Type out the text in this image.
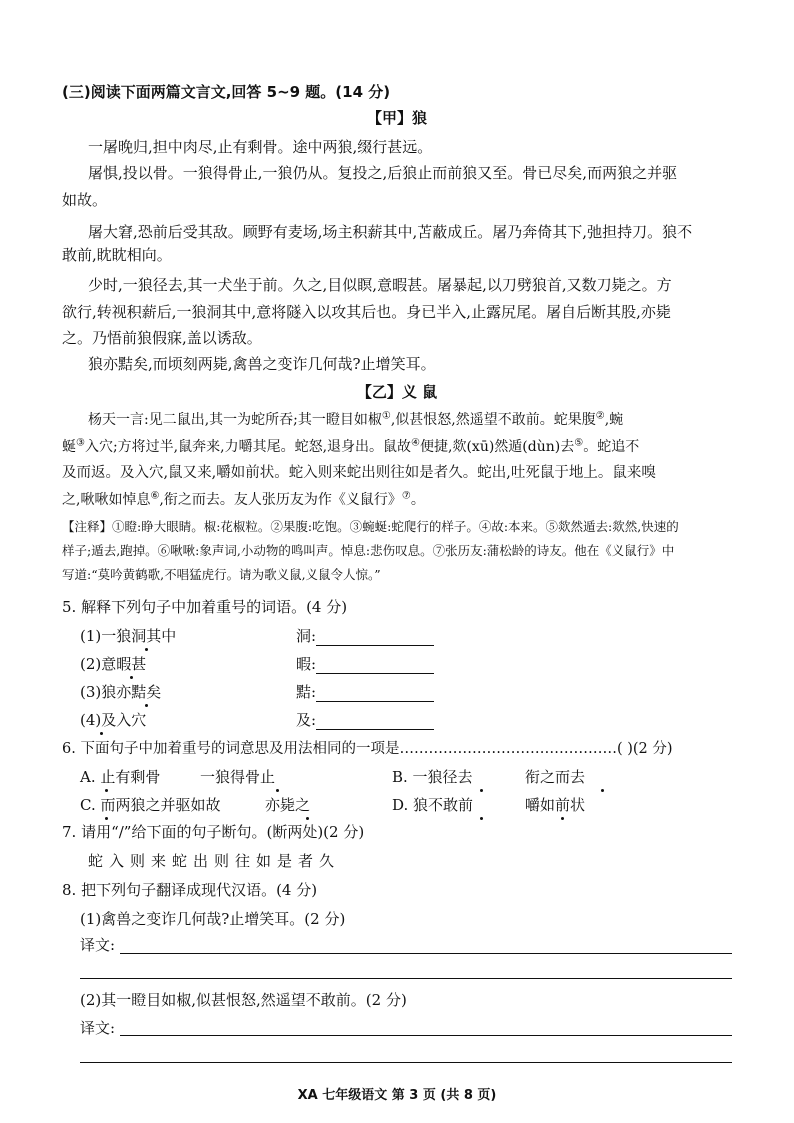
(三)阅读下面两篇文言文,回答 5~9 题。(14 分)
【甲】狼
一屠晚归,担中肉尽,止有剩骨。途中两狼,缀行甚远。
屠惧,投以骨。一狼得骨止,一狼仍从。复投之,后狼止而前狼又至。骨已尽矣,而两狼之并驱
如故。
屠大窘,恐前后受其敌。顾野有麦场,场主积薪其中,苫蔽成丘。屠乃奔倚其下,弛担持刀。狼不
敢前,眈眈相向。
少时,一狼径去,其一犬坐于前。久之,目似瞑,意暇甚。屠暴起,以刀劈狼首,又数刀毙之。方
欲行,转视积薪后,一狼洞其中,意将隧入以攻其后也。身已半入,止露尻尾。屠自后断其股,亦毙
之。乃悟前狼假寐,盖以诱敌。
狼亦黠矣,而顷刻两毙,禽兽之变诈几何哉?止增笑耳。
【乙】义 鼠
杨天一言:见二鼠出,其一为蛇所吞;其一瞪目如椒①,似甚恨怒,然遥望不敢前。蛇果腹②,蜿
蜒③入穴;方将过半,鼠奔来,力嚼其尾。蛇怒,退身出。鼠故④便捷,欻(xū)然遁(dùn)去⑤。蛇追不
及而返。及入穴,鼠又来,嚼如前状。蛇入则来蛇出则往如是者久。蛇出,吐死鼠于地上。鼠来嗅
之,啾啾如悼息⑥,衔之而去。友人张历友为作《义鼠行》⑦。
【注释】①瞪:睁大眼睛。椒:花椒粒。②果腹:吃饱。③蜿蜒:蛇爬行的样子。④故:本来。⑤欻然遁去:欻然,快速的
样子;遁去,跑掉。⑥啾啾:象声词,小动物的鸣叫声。悼息:悲伤叹息。⑦张历友:蒲松龄的诗友。他在《义鼠行》中
写道:“莫吟黄鹤歌,不唱猛虎行。请为歌义鼠,义鼠令人惊。”
5. 解释下列句子中加着重号的词语。(4 分)
(1)一狼洞其中	洞:
(2)意暇甚	暇:
(3)狼亦黠矣	黠:
(4)及入穴	及:
6. 下面句子中加着重号的词意思及用法相同的一项是………………………………………( )(2 分)
A. 止有剩骨	一狼得骨止	B. 一狼径去	衔之而去
C. 而两狼之并驱如故	亦毙之	D. 狼不敢前	嚼如前状
7. 请用“/”给下面的句子断句。(断两处)(2 分)
蛇入则来蛇出则往如是者久
8. 把下列句子翻译成现代汉语。(4 分)
(1)禽兽之变诈几何哉?止增笑耳。(2 分)
译文:
(2)其一瞪目如椒,似甚恨怒,然遥望不敢前。(2 分)
译文:
XA 七年级语文 第 3 页 (共 8 页)
